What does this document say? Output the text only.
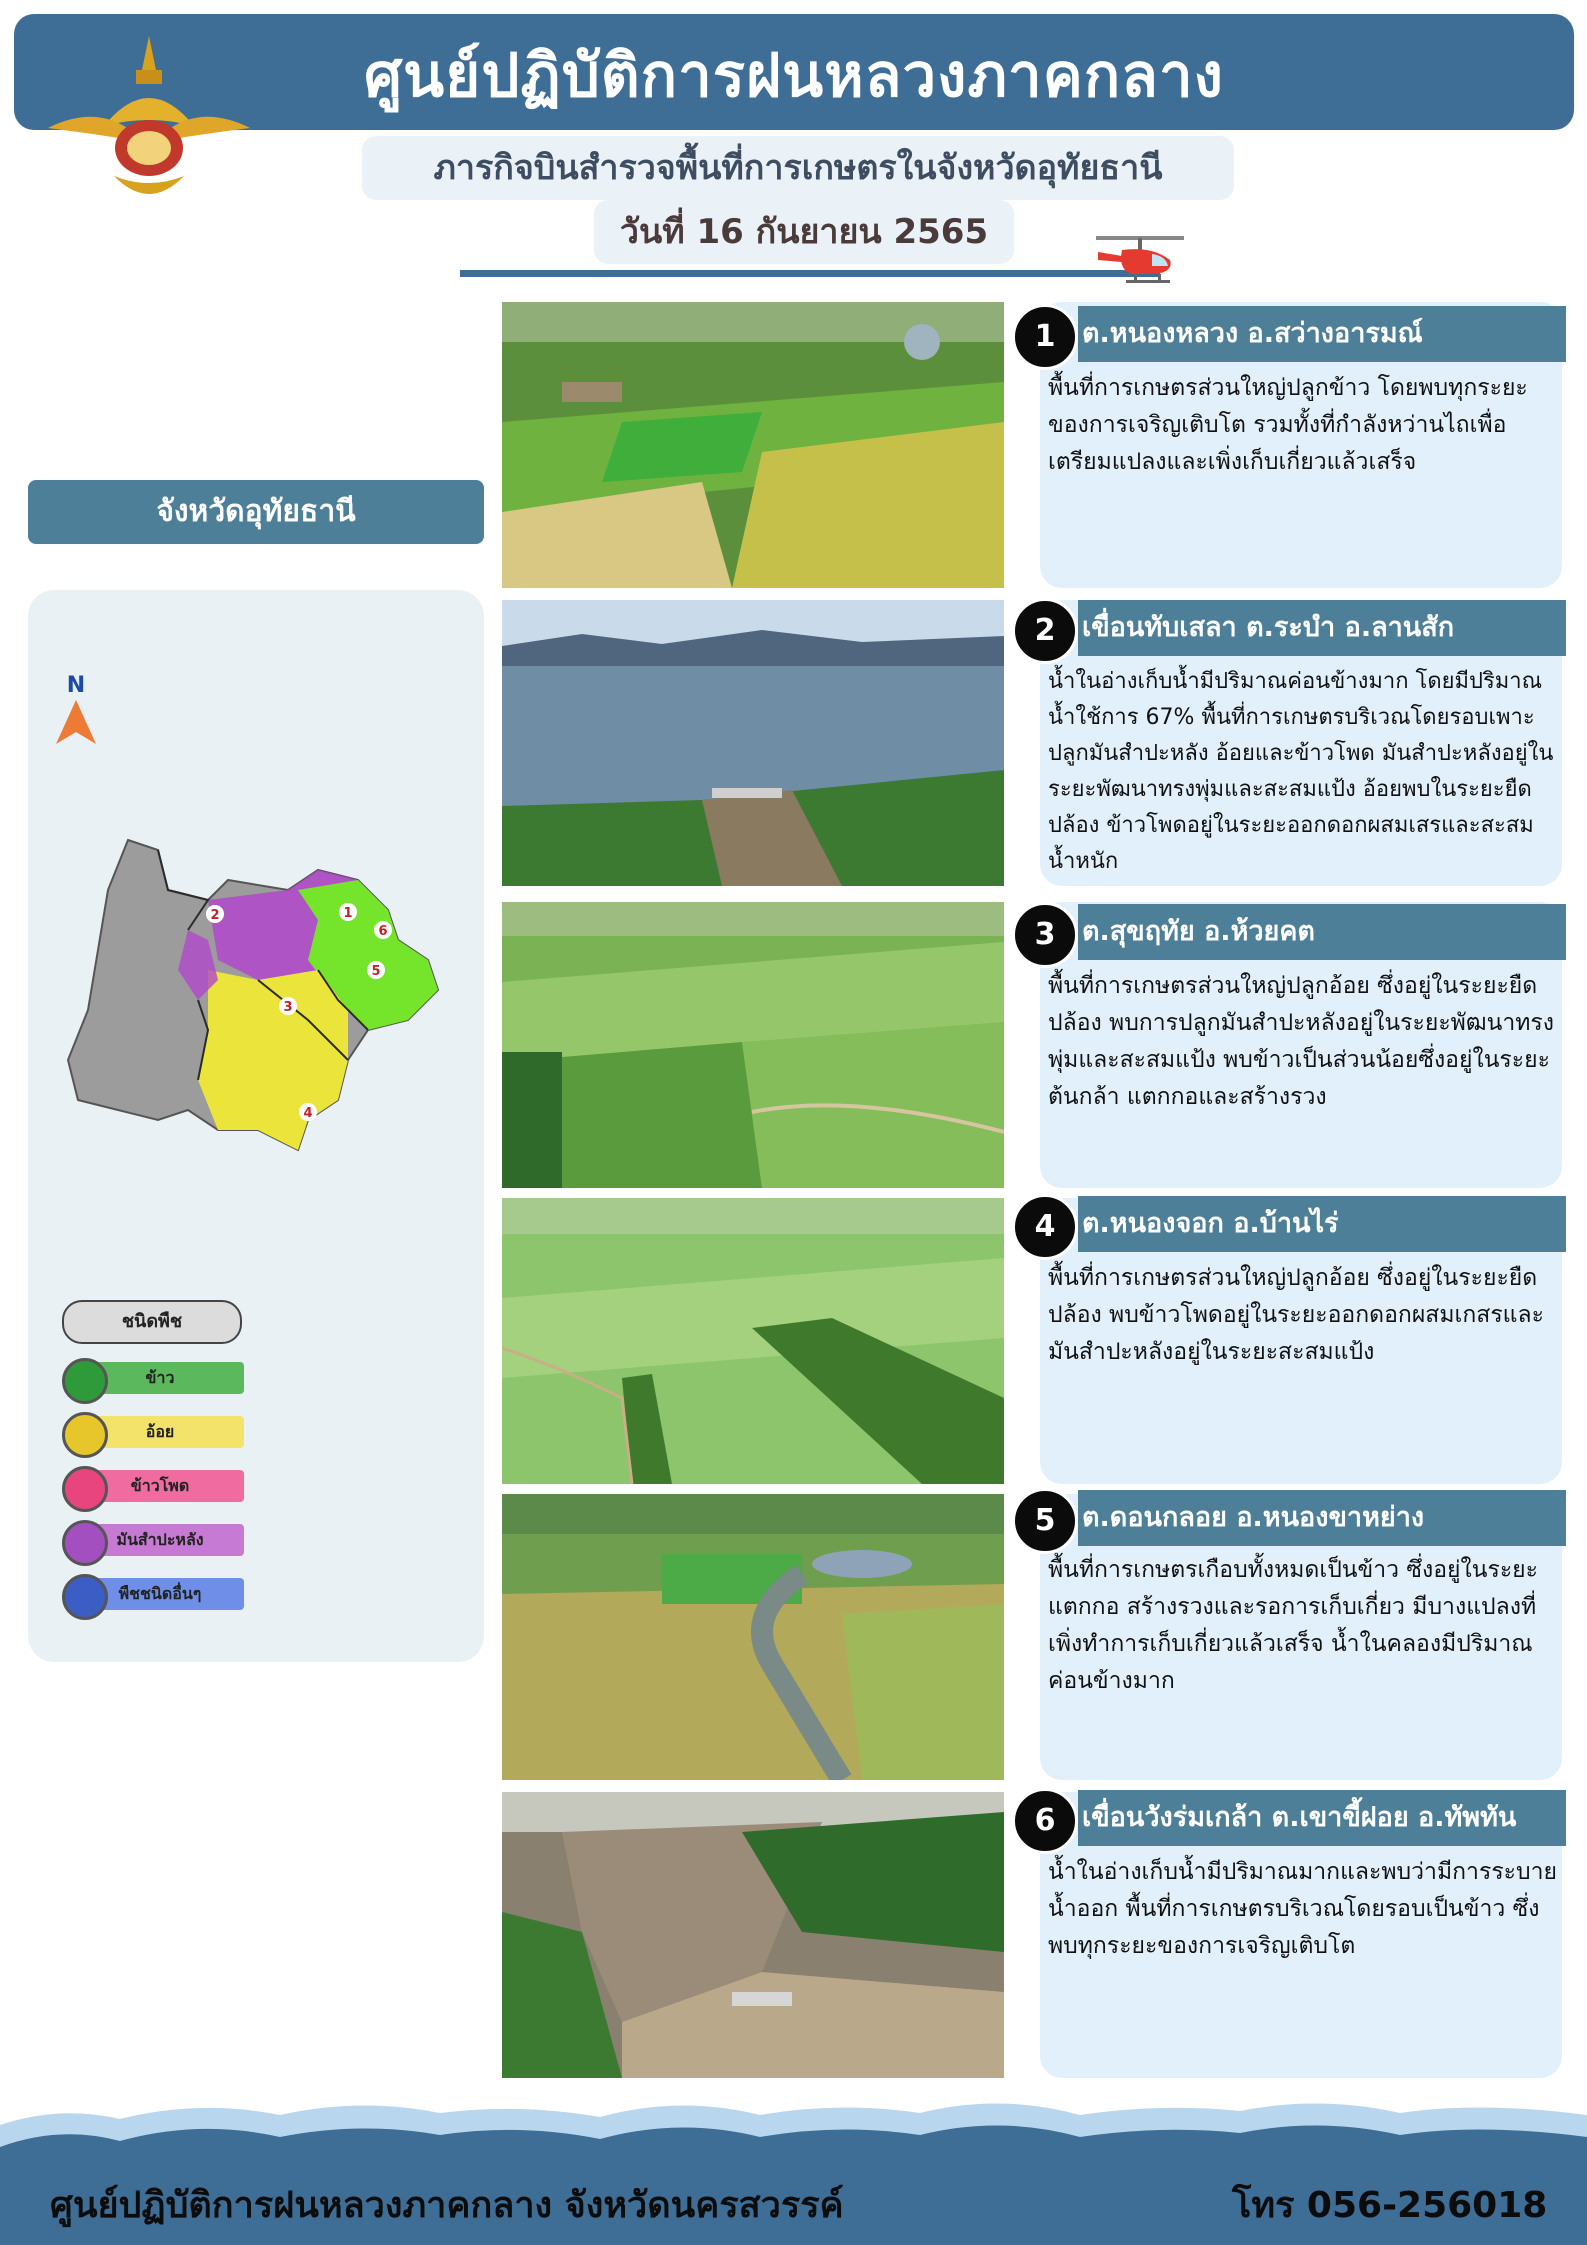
ศูนย์ปฏิบัติการฝนหลวงภาคกลาง
ภารกิจบินสำรวจพื้นที่การเกษตรในจังหวัดอุทัยธานี
วันที่ 16 กันยายน 2565
จังหวัดอุทัยธานี
N
1
2
3
4
5
6
ชนิดพืช
ข้าว
อ้อย
ข้าวโพด
มันสำปะหลัง
พืชชนิดอื่นๆ
ต.หนองหลวง อ.สว่างอารมณ์
1
พื้นที่การเกษตรส่วนใหญ่ปลูกข้าว โดยพบทุกระยะของการเจริญเติบโต รวมทั้งที่กำลังหว่านไถเพื่อเตรียมแปลงและเพิ่งเก็บเกี่ยวแล้วเสร็จ
เขื่อนทับเสลา ต.ระบำ อ.ลานสัก
2
น้ำในอ่างเก็บน้ำมีปริมาณค่อนข้างมาก โดยมีปริมาณน้ำใช้การ 67% พื้นที่การเกษตรบริเวณโดยรอบเพาะปลูกมันสำปะหลัง อ้อยและข้าวโพด มันสำปะหลังอยู่ในระยะพัฒนาทรงพุ่มและสะสมแป้ง อ้อยพบในระยะยืดปล้อง ข้าวโพดอยู่ในระยะออกดอกผสมเสรและสะสมน้ำหนัก
ต.สุขฤทัย อ.ห้วยคต
3
พื้นที่การเกษตรส่วนใหญ่ปลูกอ้อย ซึ่งอยู่ในระยะยืดปล้อง พบการปลูกมันสำปะหลังอยู่ในระยะพัฒนาทรงพุ่มและสะสมแป้ง พบข้าวเป็นส่วนน้อยซึ่งอยู่ในระยะต้นกล้า แตกกอและสร้างรวง
ต.หนองจอก อ.บ้านไร่
4
พื้นที่การเกษตรส่วนใหญ่ปลูกอ้อย ซึ่งอยู่ในระยะยืดปล้อง พบข้าวโพดอยู่ในระยะออกดอกผสมเกสรและมันสำปะหลังอยู่ในระยะสะสมแป้ง
ต.ดอนกลอย อ.หนองขาหย่าง
5
พื้นที่การเกษตรเกือบทั้งหมดเป็นข้าว ซึ่งอยู่ในระยะแตกกอ สร้างรวงและรอการเก็บเกี่ยว มีบางแปลงที่เพิ่งทำการเก็บเกี่ยวแล้วเสร็จ น้ำในคลองมีปริมาณค่อนข้างมาก
เขื่อนวังร่มเกล้า ต.เขาขี้ฝอย อ.ทัพทัน
6
น้ำในอ่างเก็บน้ำมีปริมาณมากและพบว่ามีการระบายน้ำออก พื้นที่การเกษตรบริเวณโดยรอบเป็นข้าว ซึ่งพบทุกระยะของการเจริญเติบโต
ศูนย์ปฏิบัติการฝนหลวงภาคกลาง จังหวัดนครสวรรค์	โทร 056-256018
